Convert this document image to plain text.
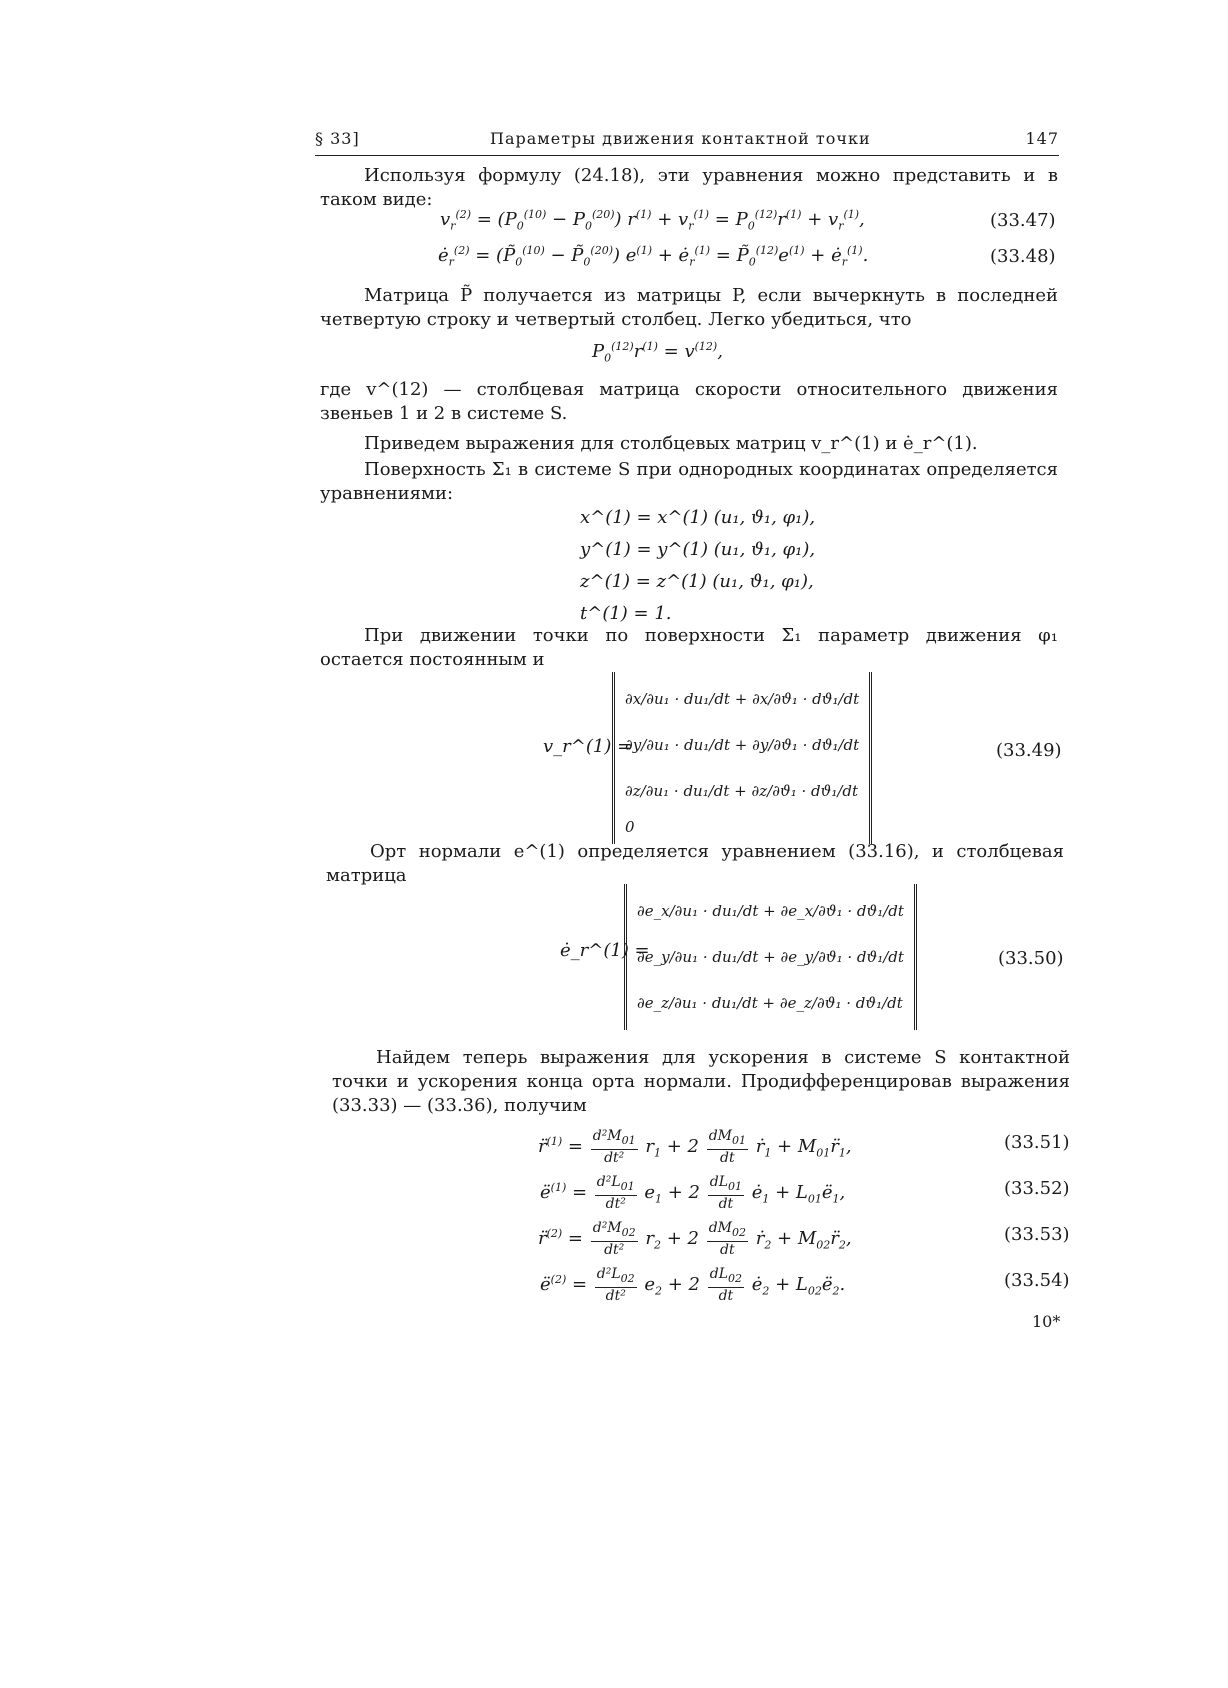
§ 33]	Параметры движения контактной точки	147
Используя формулу (24.18), эти уравнения можно представить и в таком виде:
$v_r^{(2)} = (P_0^{(10)} - P_0^{(20)}) r^{(1)} + v_r^{(1)} = P_0^{(12)}r^{(1)} + v_r^{(1)}$,	(33.47)
$ė_r^{(2)}$ = ($P̃_0^{(10)}$ − $P̃_0^{(20)}$) $e^{(1)}$ + $ė_r^{(1)}$ = $P̃_0^{(12)}e^{(1)}$ + $ė_r^{(1)}$.	(33.48)
Матрица P̃ получается из матрицы P, если вычеркнуть в последней четвертую строку и четвертый столбец. Легко убедиться, что
$P_0^{(12)}r^{(1)} = v^{(12)}$,
где v^(12) — столбцевая матрица скорости относительного движения звеньев 1 и 2 в системе S.
Приведем выражения для столбцевых матриц v_r^(1) и ė_r^(1).
Поверхность Σ₁ в системе S при однородных координатах определяется уравнениями:
x^(1) = x^(1) (u₁, ϑ₁, φ₁),
y^(1) = y^(1) (u₁, ϑ₁, φ₁),
z^(1) = z^(1) (u₁, ϑ₁, φ₁),
t^(1) = 1.
При движении точки по поверхности Σ₁ параметр движения φ₁ остается постоянным и
v_r^(1) =
∂x/∂u₁ · du₁/dt + ∂x/∂ϑ₁ · dϑ₁/dt
∂y/∂u₁ · du₁/dt + ∂y/∂ϑ₁ · dϑ₁/dt
∂z/∂u₁ · du₁/dt + ∂z/∂ϑ₁ · dϑ₁/dt
0
(33.49)
Орт нормали e^(1) определяется уравнением (33.16), и столбцевая матрица
ė_r^(1) =
∂e_x/∂u₁ · du₁/dt + ∂e_x/∂ϑ₁ · dϑ₁/dt
∂e_y/∂u₁ · du₁/dt + ∂e_y/∂ϑ₁ · dϑ₁/dt
∂e_z/∂u₁ · du₁/dt + ∂e_z/∂ϑ₁ · dϑ₁/dt
(33.50)
Найдем теперь выражения для ускорения в системе S контактной точки и ускорения конца орта нормали. Продифференцировав выражения (33.33) — (33.36), получим
r̈$^{(1)}$ = $\frac{d^2M_{01}}{\text{dt²}} r_1 + 2 \frac{dM_{01}}{dt}$ ṙ$_1$ + $M_{01}r̈_1$,	(33.51)
$ë^{(1)} = \frac{d^2L_{01}}{\text{dt²}} e_1 + 2 \frac{dL_{01}}{dt}$ $ė_1$ + $L_{01}ë_1$,	(33.52)
r̈$^{(2)}$ = $\frac{d^2M_{02}}{\text{dt²}} r_2 + 2 \frac{dM_{02}}{dt}$ ṙ$_2$ + $M_{02}r̈_2$,	(33.53)
$ë^{(2)} = \frac{d^2L_{02}}{\text{dt²}} e_2 + 2 \frac{dL_{02}}{dt}$ $ė_2$ + $L_{02}ë_2$.	(33.54)
10*
